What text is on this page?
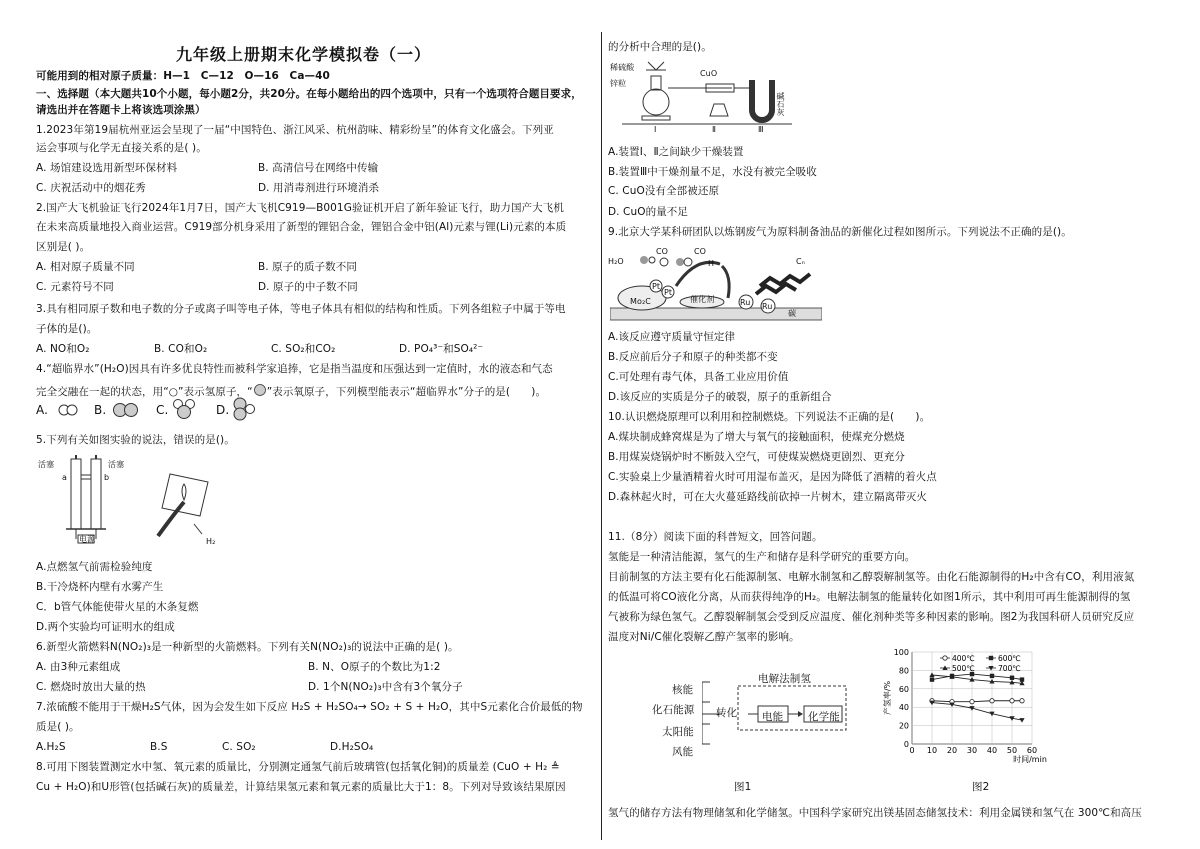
九年级上册期末化学模拟卷（一）
可能用到的相对原子质量：H—1　C—12　O—16　Ca—40
一、选择题（本大题共10个小题，每小题2分，共20分。在每小题给出的四个选项中，只有一个选项符合题目要求，
请选出并在答题卡上将该选项涂黑）
1.2023年第19届杭州亚运会呈现了一届“中国特色、浙江风采、杭州韵味、精彩纷呈”的体育文化盛会。下列亚
运会事项与化学无直接关系的是( )。
A. 场馆建设选用新型环保材料	B. 高清信号在网络中传输
C. 庆祝活动中的烟花秀	D. 用消毒剂进行环境消杀
2.国产大飞机验证飞行2024年1月7日，国产大飞机C919—B001G验证机开启了新年验证飞行，助力国产大飞机
在未来高质量地投入商业运营。C919部分机身采用了新型的锂铝合金，锂铝合金中铝(Al)元素与锂(Li)元素的本质
区别是( )。
A. 相对原子质量不同	B. 原子的质子数不同
C. 元素符号不同	D. 原子的中子数不同
3.具有相同原子数和电子数的分子或离子叫等电子体，等电子体具有相似的结构和性质。下列各组粒子中属于等电
子体的是()。
A. NO和O₂	B. CO和O₂	C. SO₂和CO₂	D. PO₄³⁻和SO₄²⁻
4.“超临界水”(H₂O)因具有许多优良特性而被科学家追捧，它是指当温度和压强达到一定值时，水的液态和气态
完全交融在一起的状态，用“○”表示氢原子，“ ”表示氧原子，下列模型能表示“超临界水”分子的是(　　)。
A.	B.	C.	D.
5.下列有关如图实验的说法，错误的是()。
活塞	活塞
a	b
电源	H₂
A.点燃氢气前需检验纯度
B.干冷烧杯内壁有水雾产生
C．b管气体能使带火星的木条复燃
D.两个实验均可证明水的组成
6.新型火箭燃料N(NO₂)₃是一种新型的火箭燃料。下列有关N(NO₂)₃的说法中正确的是( )。
A. 由3种元素组成	B. N、O原子的个数比为1:2
C. 燃烧时放出大量的热	D. 1个N(NO₂)₃中含有3个氧分子
7.浓硫酸不能用于干燥H₂S气体，因为会发生如下反应 H₂S + H₂SO₄→ SO₂ + S + H₂O，其中S元素化合价最低的物
质是( )。
A.H₂S	B.S	C. SO₂	D.H₂SO₄
8.可用下图装置测定水中氢、氧元素的质量比，分别测定通氢气前后玻璃管(包括氧化铜)的质量差 (CuO + H₂ ≜
Cu + H₂O)和U形管(包括碱石灰)的质量差，计算结果氢元素和氧元素的质量比大于1：8。下列对导致该结果原因
的分析中合理的是()。
稀硫酸
锌粒
CuO
碱石灰
Ⅰ	Ⅱ	Ⅲ
A.装置Ⅰ、Ⅱ之间缺少干燥装置
B.装置Ⅲ中干燥剂量不足，水没有被完全吸收
C. CuO没有全部被还原
D. CuO的量不足
9.北京大学某科研团队以炼钢废气为原料制备油品的新催化过程如图所示。下列说法不正确的是()。
H₂O
CO	CO
H	Cₙ
Pt
Pt
Mo₂C	催化剂	Ru Ru
碳
A.该反应遵守质量守恒定律
B.反应前后分子和原子的种类都不变
C.可处理有毒气体，具备工业应用价值
D.该反应的实质是分子的破裂，原子的重新组合
10.认识燃烧原理可以利用和控制燃烧。下列说法不正确的是(　　)。
A.煤块制成蜂窝煤是为了增大与氧气的接触面积，使煤充分燃烧
B.用煤炭烧锅炉时不断鼓入空气，可使煤炭燃烧更剧烈、更充分
C.实验桌上少量酒精着火时可用湿布盖灭，是因为降低了酒精的着火点
D.森林起火时，可在大火蔓延路线前砍掉一片树木，建立隔离带灭火
11.（8分）阅读下面的科普短文，回答问题。
氢能是一种清洁能源，氢气的生产和储存是科学研究的重要方向。
目前制氢的方法主要有化石能源制氢、电解水制氢和乙醇裂解制氢等。由化石能源制得的H₂中含有CO，利用液氮
的低温可将CO液化分离，从而获得纯净的H₂。电解法制氢的能量转化如图1所示，其中利用可再生能源制得的氢
气被称为绿色氢气。乙醇裂解制氢会受到反应温度、催化剂种类等多种因素的影响。图2为我国科研人员研究反应
温度对Ni/C催化裂解乙醇产氢率的影响。
核能
化石能源
太阳能
风能
转化
电解法制氢
电能 化学能
图1
0
20
40
60
80
100
0 10 20 30 40 50 60
时间/min
产氢率/%
400℃
500℃
600℃
700℃
图2
氢气的储存方法有物理储氢和化学储氢。中国科学家研究出镁基固态储氢技术：利用金属镁和氢气在 300℃和高压
